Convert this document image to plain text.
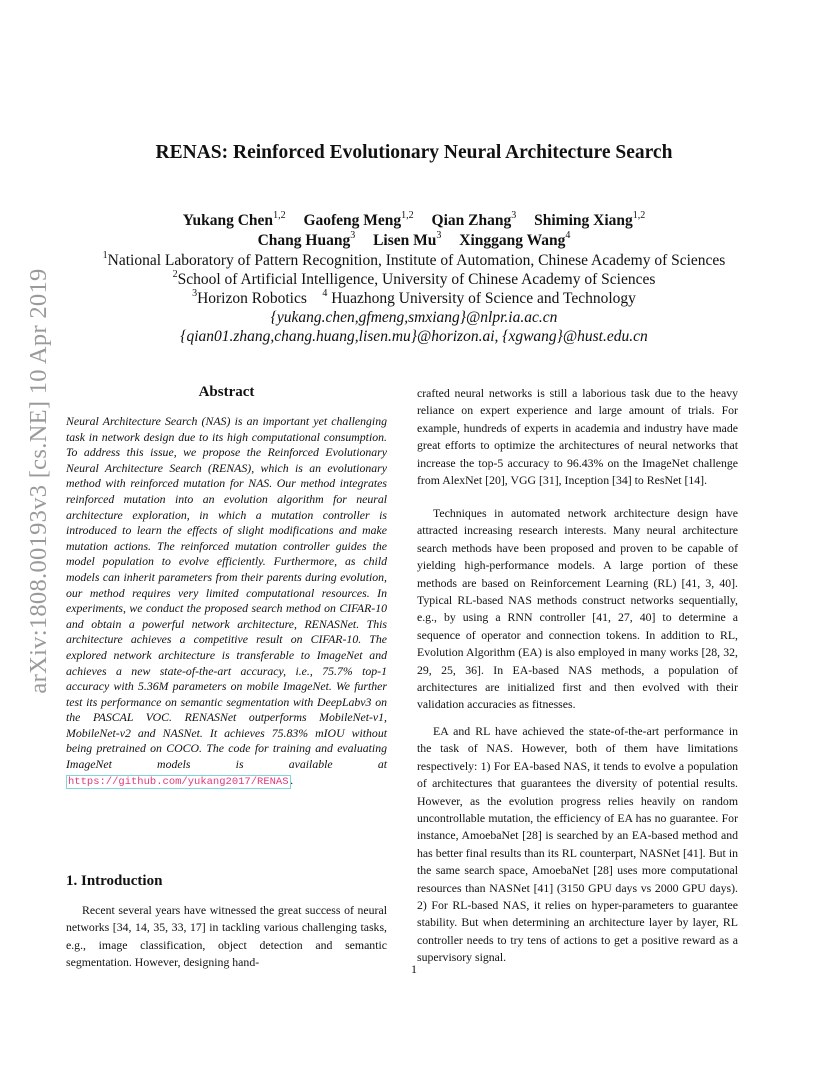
arXiv:1808.00193v3 [cs.NE] 10 Apr 2019
RENAS: Reinforced Evolutionary Neural Architecture Search
Yukang Chen$^{1,2}$ Gaofeng Meng$^{1,2}$ Qian Zhang$^3$ Shiming Xiang$^{1,2}$
Chang Huang$^3$ Lisen Mu$^3$ Xinggang Wang$^4$
$^1$National Laboratory of Pattern Recognition, Institute of Automation, Chinese Academy of Sciences
$^2$School of Artificial Intelligence, University of Chinese Academy of Sciences
$^3$Horizon Robotics $^4$ Huazhong University of Science and Technology
{yukang.chen,gfmeng,smxiang}@nlpr.ia.ac.cn
{qian01.zhang,chang.huang,lisen.mu}@horizon.ai, {xgwang}@hust.edu.cn
Abstract
Neural Architecture Search (NAS) is an important yet challenging task in network design due to its high computational consumption. To address this issue, we propose the Reinforced Evolutionary Neural Architecture Search (RENAS), which is an evolutionary method with reinforced mutation for NAS. Our method integrates reinforced mutation into an evolution algorithm for neural architecture exploration, in which a mutation controller is introduced to learn the effects of slight modifications and make mutation actions. The reinforced mutation controller guides the model population to evolve efficiently. Furthermore, as child models can inherit parameters from their parents during evolution, our method requires very limited computational resources. In experiments, we conduct the proposed search method on CIFAR-10 and obtain a powerful network architecture, RENASNet. This architecture achieves a competitive result on CIFAR-10. The explored network architecture is transferable to ImageNet and achieves a new state-of-the-art accuracy, i.e., 75.7% top-1 accuracy with 5.36M parameters on mobile ImageNet. We further test its performance on semantic segmentation with DeepLabv3 on the PASCAL VOC. RENASNet outperforms MobileNet-v1, MobileNet-v2 and NASNet. It achieves 75.83% mIOU without being pretrained on COCO. The code for training and evaluating ImageNet models is available at https://github.com/yukang2017/RENAS .
1. Introduction
Recent several years have witnessed the great success of neural networks [34, 14, 35, 33, 17] in tackling various challenging tasks, e.g., image classification, object detection and semantic segmentation. However, designing hand-
crafted neural networks is still a laborious task due to the heavy reliance on expert experience and large amount of trials. For example, hundreds of experts in academia and industry have made great efforts to optimize the architectures of neural networks that increase the top-5 accuracy to 96.43% on the ImageNet challenge from AlexNet [20], VGG [31], Inception [34] to ResNet [14].
Techniques in automated network architecture design have attracted increasing research interests. Many neural architecture search methods have been proposed and proven to be capable of yielding high-performance models. A large portion of these methods are based on Reinforcement Learning (RL) [41, 3, 40]. Typical RL-based NAS methods construct networks sequentially, e.g., by using a RNN controller [41, 27, 40] to determine a sequence of operator and connection tokens. In addition to RL, Evolution Algorithm (EA) is also employed in many works [28, 32, 29, 25, 36]. In EA-based NAS methods, a population of architectures are initialized first and then evolved with their validation accuracies as fitnesses.
EA and RL have achieved the state-of-the-art performance in the task of NAS. However, both of them have limitations respectively: 1) For EA-based NAS, it tends to evolve a population of architectures that guarantees the diversity of potential results. However, as the evolution progress relies heavily on random uncontrollable mutation, the efficiency of EA has no guarantee. For instance, AmoebaNet [28] is searched by an EA-based method and has better final results than its RL counterpart, NASNet [41]. But in the same search space, AmoebaNet [28] uses more computational resources than NASNet [41] (3150 GPU days vs 2000 GPU days). 2) For RL-based NAS, it relies on hyper-parameters to guarantee stability. But when determining an architecture layer by layer, RL controller needs to try tens of actions to get a positive reward as a supervisory signal.
1
